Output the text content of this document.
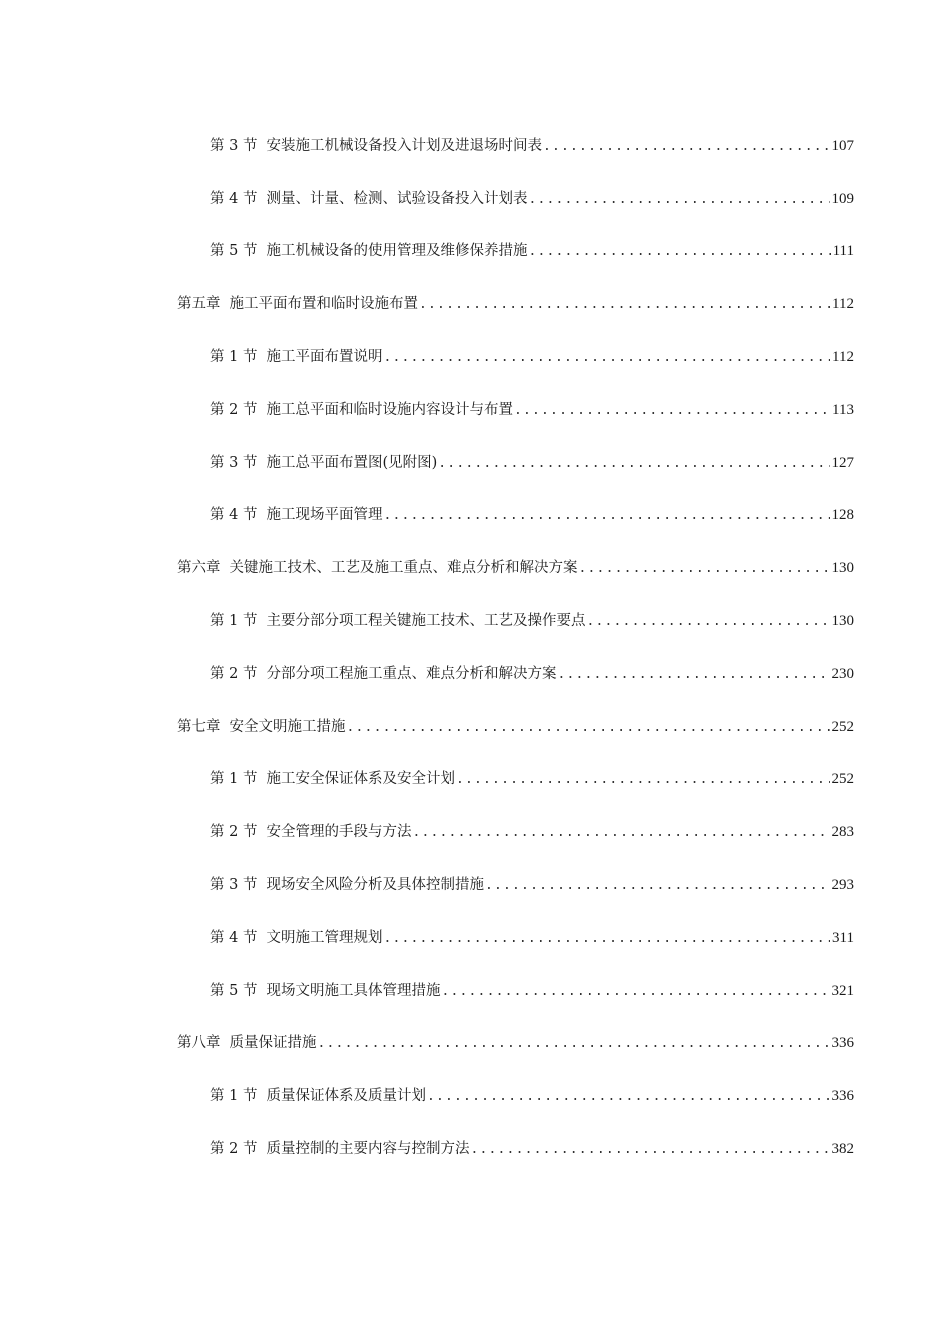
第 3 节 安装施工机械设备投入计划及进退场时间表 .....	107
第 4 节 测量、计量、检测、试验设备投入计划表 .....	109
第 5 节 施工机械设备的使用管理及维修保养措施 .....	111
第五章 施工平面布置和临时设施布置 .....	112
第 1 节 施工平面布置说明 .....	112
第 2 节 施工总平面和临时设施内容设计与布置 .....	113
第 3 节 施工总平面布置图(见附图) .....	127
第 4 节 施工现场平面管理 .....	128
第六章 关键施工技术、工艺及施工重点、难点分析和解决方案 .....	130
第 1 节 主要分部分项工程关键施工技术、工艺及操作要点 .....	130
第 2 节 分部分项工程施工重点、难点分析和解决方案 .....	230
第七章 安全文明施工措施 .....	252
第 1 节 施工安全保证体系及安全计划 .....	252
第 2 节 安全管理的手段与方法 .....	283
第 3 节 现场安全风险分析及具体控制措施 .....	293
第 4 节 文明施工管理规划 .....	311
第 5 节 现场文明施工具体管理措施 .....	321
第八章 质量保证措施 .....	336
第 1 节 质量保证体系及质量计划 .....	336
第 2 节 质量控制的主要内容与控制方法 .....	382
